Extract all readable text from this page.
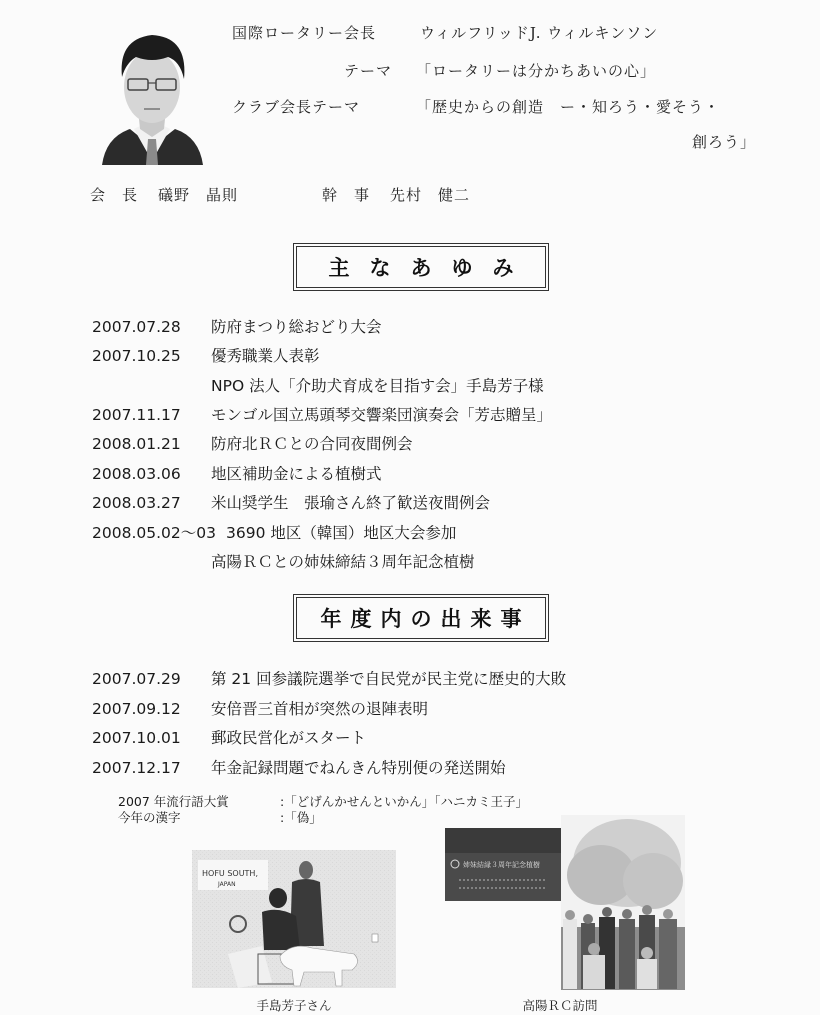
国際ロータリー会長	ウィルフリッドJ. ウィルキンソン
テーマ 「ロータリーは分かちあいの心」
クラブ会長テーマ	「歴史からの創造　ー・知ろう・愛そう・
創ろう」
会　長 礒野　晶則	幹　事 先村　健二
主なあゆみ
2007.07.28 防府まつり総おどり大会
2007.10.25 優秀職業人表彰
NPO 法人「介助犬育成を目指す会」手島芳子様
2007.11.17 モンゴル国立馬頭琴交響楽団演奏会「芳志贈呈」
2008.01.21 防府北ＲＣとの合同夜間例会
2008.03.06 地区補助金による植樹式
2008.03.27 米山奨学生　張瑜さん終了歓送夜間例会
2008.05.02～03 3690 地区（韓国）地区大会参加
高陽ＲＣとの姉妹締結３周年記念植樹
年度内の出来事
2007.07.29 第 21 回参議院選挙で自民党が民主党に歴史的大敗
2007.09.12 安倍晋三首相が突然の退陣表明
2007.10.01 郵政民営化がスタート
2007.12.17 年金記録問題でねんきん特別便の発送開始
2007 年流行語大賞	:「どげんかせんといかん」「ハニカミ王子」
今年の漢字	:「偽」
HOFU SOUTH,
JAPAN
手島芳子さん
姉妹結縁３周年記念植樹
高陽ＲＣ訪問
